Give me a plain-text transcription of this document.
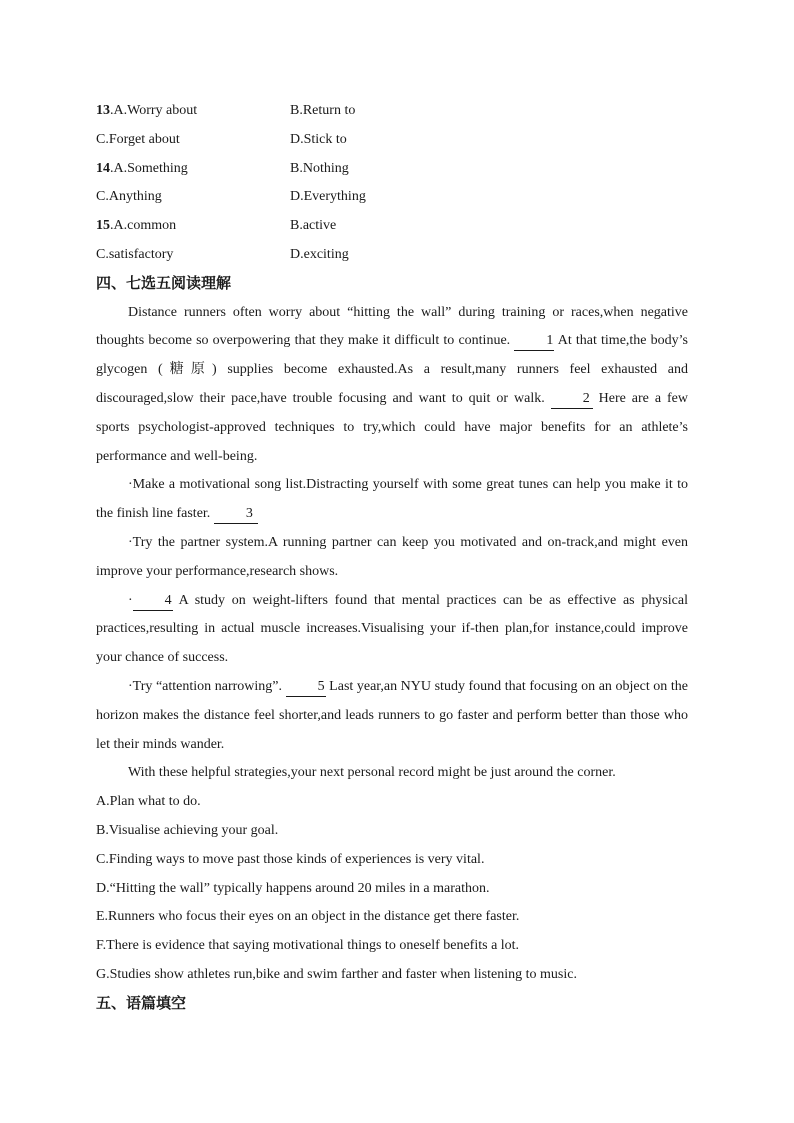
13.A.Worry about	B.Return to
C.Forget about	D.Stick to
14.A.Something	B.Nothing
C.Anything	D.Everything
15.A.common	B.active
C.satisfactory	D.exciting
四、七选五阅读理解

Distance runners often worry about “hitting the wall” during training or races,when negative thoughts become so overpowering that they make it difficult to continue. 1 At that time,the body’s glycogen (糖原) supplies become exhausted.As a result,many runners feel exhausted and discouraged,slow their pace,have trouble focusing and want to quit or walk. 2 Here are a few sports psychologist-approved techniques to try,which could have major benefits for an athlete’s performance and well-being.

·Make a motivational song list.Distracting yourself with some great tunes can help you make it to the finish line faster. 3

·Try the partner system.A running partner can keep you motivated and on-track,and might even improve your performance,research shows.

· 4 A study on weight-lifters found that mental practices can be as effective as physical practices,resulting in actual muscle increases.Visualising your if-then plan,for instance,could improve your chance of success.

·Try “attention narrowing”. 5 Last year,an NYU study found that focusing on an object on the horizon makes the distance feel shorter,and leads runners to go faster and perform better than those who let their minds wander.

With these helpful strategies,your next personal record might be just around the corner.

A.Plan what to do.
B.Visualise achieving your goal.
C.Finding ways to move past those kinds of experiences is very vital.
D.“Hitting the wall” typically happens around 20 miles in a marathon.
E.Runners who focus their eyes on an object in the distance get there faster.
F.There is evidence that saying motivational things to oneself benefits a lot.
G.Studies show athletes run,bike and swim farther and faster when listening to music.
五、语篇填空
